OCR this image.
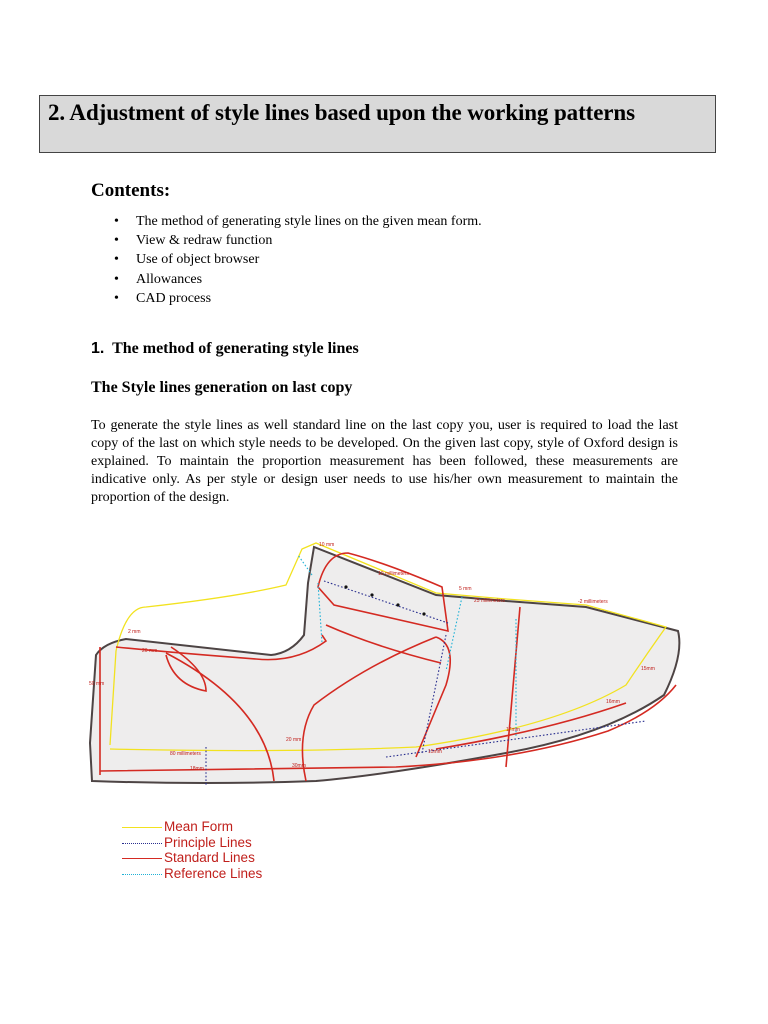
2. Adjustment of style lines based upon the working patterns
Contents:
• The method of generating style lines on the given mean form.
• View & redraw function
• Use of object browser
• Allowances
• CAD process
1. The method of generating style lines
The Style lines generation on last copy

To generate the style lines as well standard line on the last copy you, user is required to load the last copy of the last on which style needs to be developed. On the given last copy, style of Oxford design is explained. To maintain the proportion measurement has been followed, these measurements are indicative only. As per style or design user needs to use his/her own measurement to maintain the proportion of the design.

10 mm
10 millimeters
5 mm
25 millimeters	-2 millimeters
20 mm
2 mm
50 mm
20 mm
80 millimeters
18mm	30mm
15mm
17mm
16mm
15mm
Mean Form
Principle Lines
Standard Lines
Reference Lines
